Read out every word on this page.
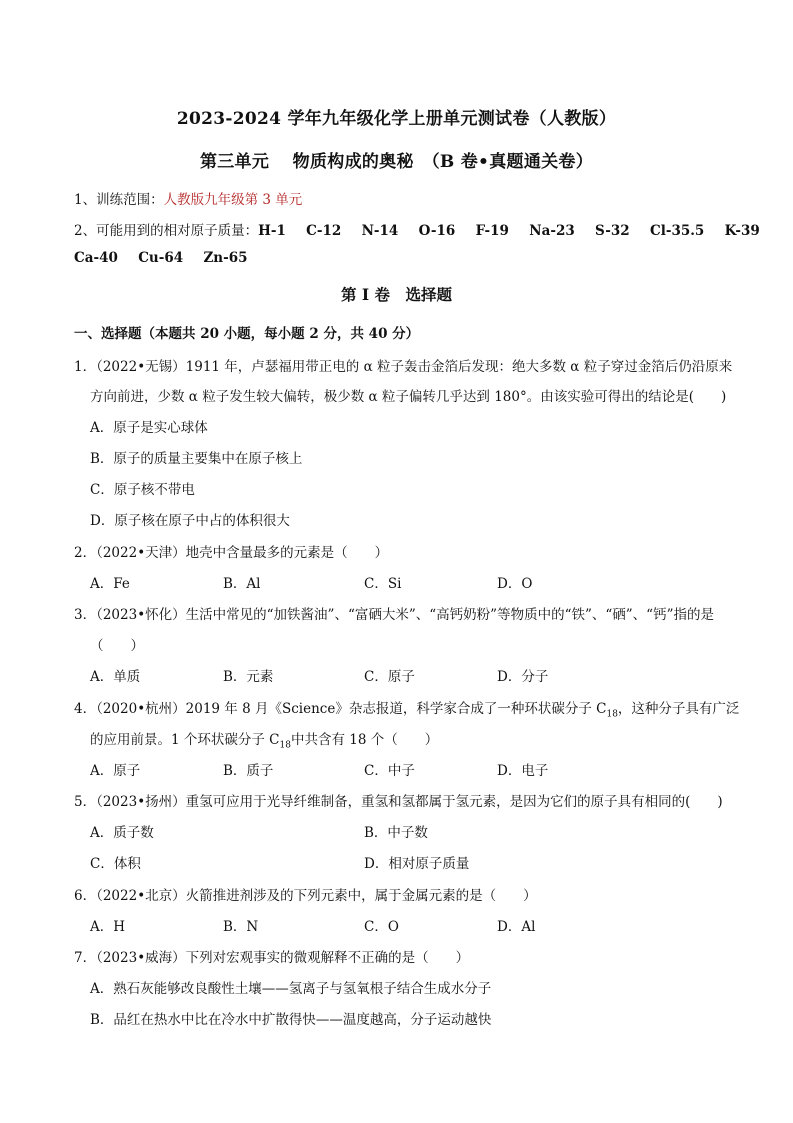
2023-2024 学年九年级化学上册单元测试卷（人教版）
第三单元　 物质构成的奥秘　（B 卷•真题通关卷）
1、训练范围：人教版九年级第 3 单元
2、可能用到的相对原子质量：H-1 C-12 N-14 O-16 F-19 Na-23 S-32 Cl-35.5 K-39
Ca-40 Cu-64 Zn-65
第 I 卷　选择题
一、选择题（本题共 20 小题，每小题 2 分，共 40 分）
1．（2022•无锡）1911 年，卢瑟福用带正电的 α 粒子轰击金箔后发现：绝大多数 α 粒子穿过金箔后仍沿原来
方向前进，少数 α 粒子发生较大偏转，极少数 α 粒子偏转几乎达到 180°。由该实验可得出的结论是(　　)
A．原子是实心球体
B．原子的质量主要集中在原子核上
C．原子核不带电
D．原子核在原子中占的体积很大
2．（2022•天津）地壳中含量最多的元素是（　　）
A．Fe	B．Al	C．Si	D．O
3．（2023•怀化）生活中常见的“加铁酱油”、“富硒大米”、“高钙奶粉”等物质中的“铁”、“硒”、“钙”指的是
（　　）
A．单质	B．元素	C．原子	D．分子
4．（2020•杭州）2019 年 8 月《Science》杂志报道，科学家合成了一种环状碳分子 $C_{18}$，这种分子具有广泛
的应用前景。1 个环状碳分子 $C_{18}$中共含有 18 个（　　）
A．原子	B．质子	C．中子	D．电子
5．（2023•扬州）重氢可应用于光导纤维制备，重氢和氢都属于氢元素，是因为它们的原子具有相同的(　　)
A．质子数	B．中子数
C．体积	D．相对原子质量
6．（2022•北京）火箭推进剂涉及的下列元素中，属于金属元素的是（　　）
A．H	B．N	C．O	D．Al
7．（2023•威海）下列对宏观事实的微观解释不正确的是（　　）
A．熟石灰能够改良酸性土壤——氢离子与氢氧根子结合生成水分子
B．品红在热水中比在冷水中扩散得快——温度越高，分子运动越快
